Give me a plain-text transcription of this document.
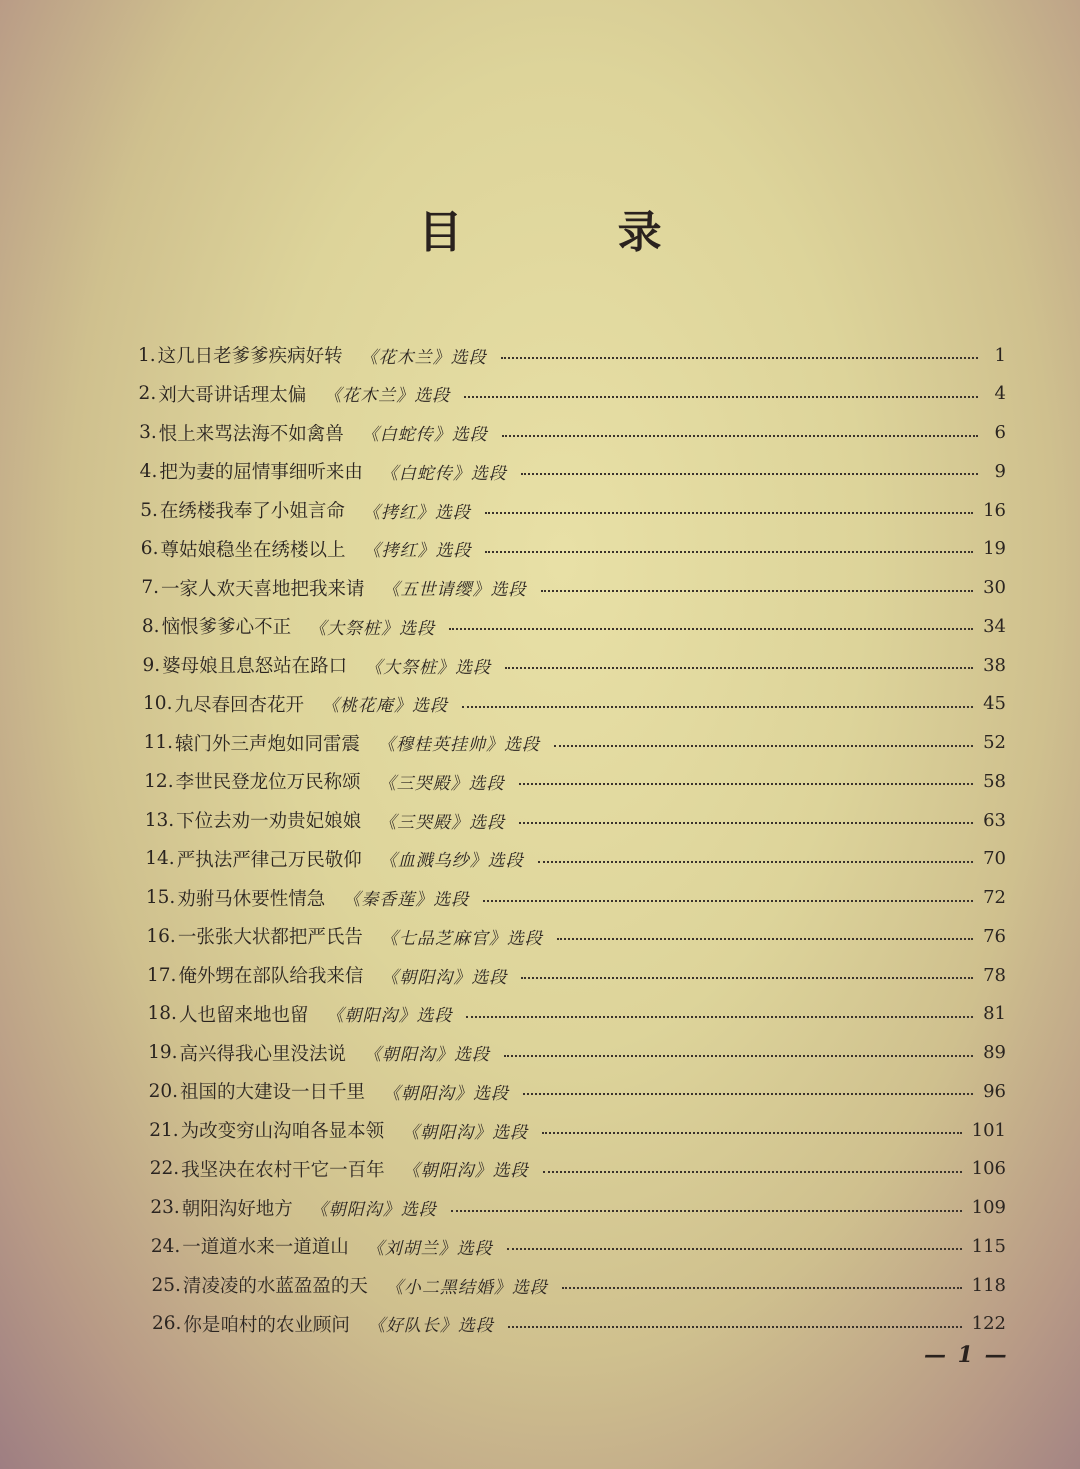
目 录
1. 这几日老爹爹疾病好转 《花木兰》选段	1
2. 刘大哥讲话理太偏 《花木兰》选段	4
3. 恨上来骂法海不如禽兽 《白蛇传》选段	6
4. 把为妻的屈情事细听来由 《白蛇传》选段	9
5. 在绣楼我奉了小姐言命 《拷红》选段	16
6. 尊姑娘稳坐在绣楼以上 《拷红》选段	19
7. 一家人欢天喜地把我来请 《五世请缨》选段	30
8. 恼恨爹爹心不正 《大祭桩》选段	34
9. 婆母娘且息怒站在路口 《大祭桩》选段	38
10. 九尽春回杏花开 《桃花庵》选段	45
11. 辕门外三声炮如同雷震 《穆桂英挂帅》选段	52
12. 李世民登龙位万民称颂 《三哭殿》选段	58
13. 下位去劝一劝贵妃娘娘 《三哭殿》选段	63
14. 严执法严律己万民敬仰 《血溅乌纱》选段	70
15. 劝驸马休要性情急 《秦香莲》选段	72
16. 一张张大状都把严氏告 《七品芝麻官》选段	76
17. 俺外甥在部队给我来信 《朝阳沟》选段	78
18. 人也留来地也留 《朝阳沟》选段	81
19. 高兴得我心里没法说 《朝阳沟》选段	89
20. 祖国的大建设一日千里 《朝阳沟》选段	96
21. 为改变穷山沟咱各显本领 《朝阳沟》选段	101
22. 我坚决在农村干它一百年 《朝阳沟》选段	106
23. 朝阳沟好地方 《朝阳沟》选段	109
24. 一道道水来一道道山 《刘胡兰》选段	115
25. 清凌凌的水蓝盈盈的天 《小二黑结婚》选段	118
26. 你是咱村的农业顾问 《好队长》选段	122
— 1 —
